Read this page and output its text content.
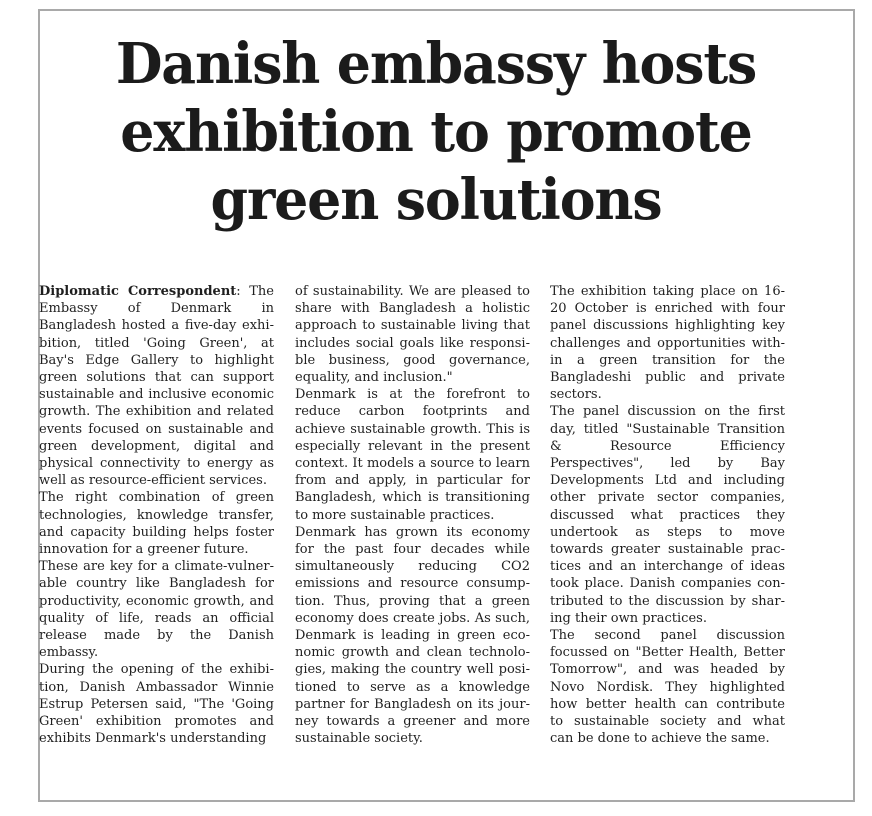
Danish embassy hosts
exhibition to promote
green solutions

Diplomatic Correspondent: The Embassy of Denmark in Bangladesh hosted a five-day exhibition, titled 'Going Green', at Bay's Edge Gallery to highlight green solutions that can support sustainable and inclusive economic growth. The exhibition and related events focused on sustainable and green development, digital and physical connectivity to energy as well as resource-efficient services.

The right combination of green technologies, knowledge transfer, and capacity building helps foster innovation for a greener future.

These are key for a climate-vulnerable country like Bangladesh for productivity, economic growth, and quality of life, reads an official release made by the Danish embassy.

During the opening of the exhibition, Danish Ambassador Winnie Estrup Petersen said, "The 'Going Green' exhibition promotes and exhibits Denmark's understanding

of sustainability. We are pleased to share with Bangladesh a holistic approach to sustainable living that includes social goals like responsible business, good governance, equality, and inclusion."

Denmark is at the forefront to reduce carbon footprints and achieve sustainable growth. This is especially relevant in the present context. It models a source to learn from and apply, in particular for Bangladesh, which is transitioning to more sustainable practices.

Denmark has grown its economy for the past four decades while simultaneously reducing CO2 emissions and resource consumption. Thus, proving that a green economy does create jobs. As such, Denmark is leading in green economic growth and clean technologies, making the country well positioned to serve as a knowledge partner for Bangladesh on its journey towards a greener and more sustainable society.

The exhibition taking place on 16-20 October is enriched with four panel discussions highlighting key challenges and opportunities within a green transition for the Bangladeshi public and private sectors.

The panel discussion on the first day, titled "Sustainable Transition & Resource Efficiency Perspectives", led by Bay Developments Ltd and including other private sector companies, discussed what practices they undertook as steps to move towards greater sustainable practices and an interchange of ideas took place. Danish companies contributed to the discussion by sharing their own practices.

The second panel discussion focussed on "Better Health, Better Tomorrow", and was headed by Novo Nordisk. They highlighted how better health can contribute to sustainable society and what can be done to achieve the same.
